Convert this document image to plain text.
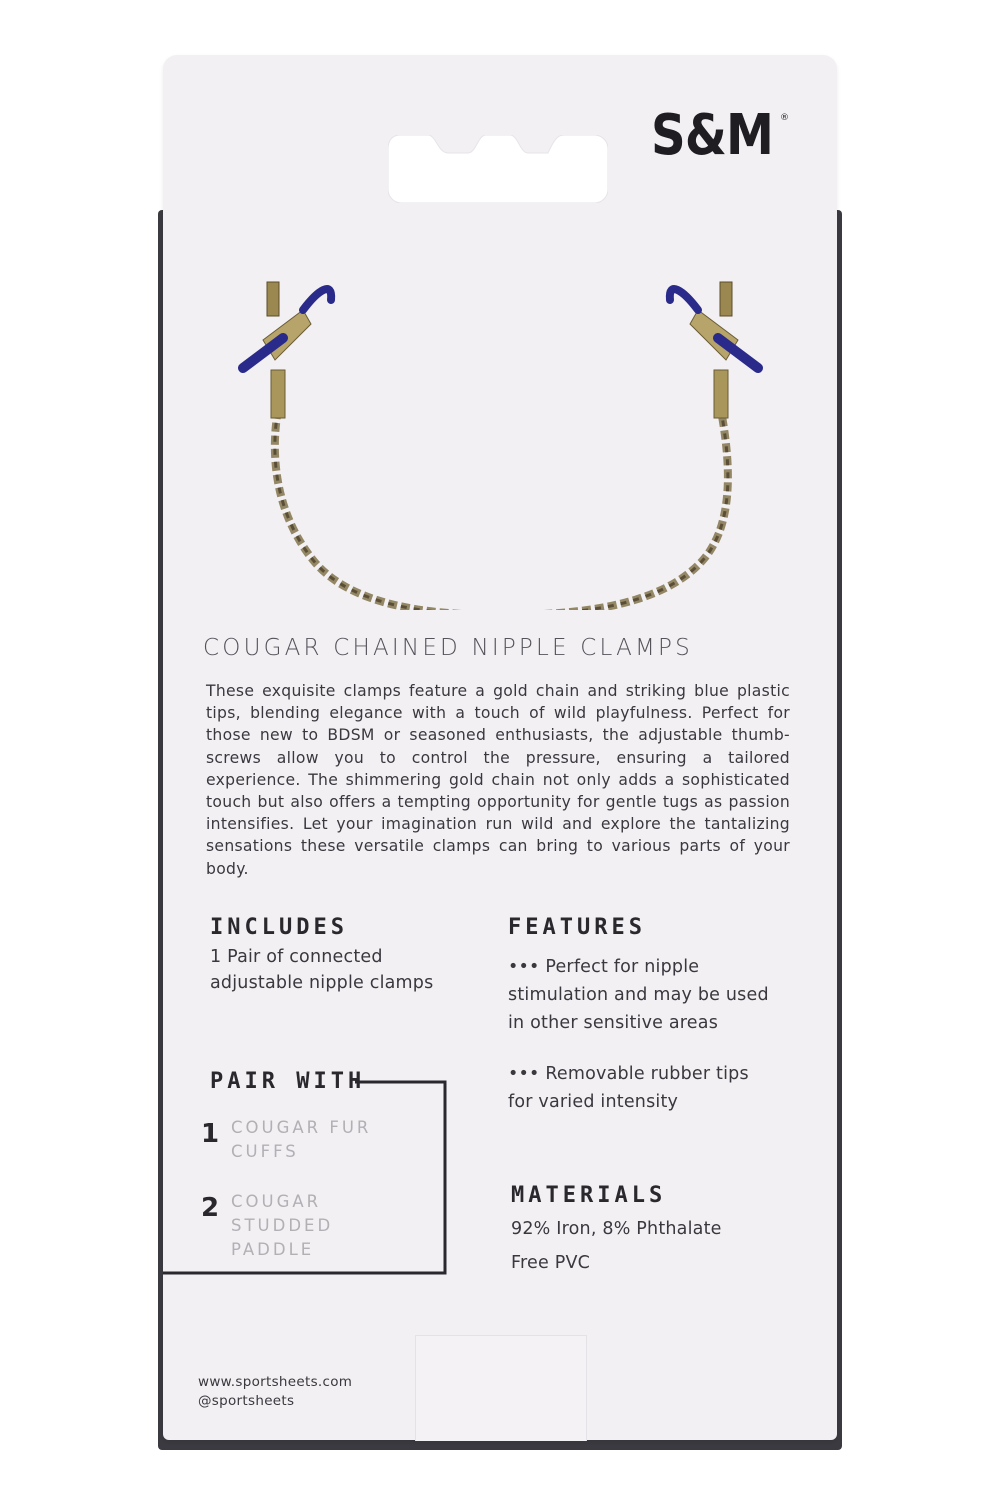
S&M ®
COUGAR CHAINED NIPPLE CLAMPS

These exquisite clamps feature a gold chain and striking blue plastic tips, blending elegance with a touch of wild playfulness. Perfect for those new to BDSM or seasoned enthusiasts, the adjustable thumb-screws allow you to control the pressure, ensuring a tailored experience. The shimmering gold chain not only adds a sophisticated touch but also offers a tempting opportunity for gentle tugs as passion intensifies. Let your imagination run wild and explore the tantalizing sensations these versatile clamps can bring to various parts of your body.

INCLUDES
1 Pair of connected
adjustable nipple clamps
FEATURES
••• Perfect for nipple
stimulation and may be used
in other sensitive areas
••• Removable rubber tips
for varied intensity
PAIR WITH
1 COUGAR FUR
CUFFS
2 COUGAR
STUDDED
PADDLE
MATERIALS
92% Iron, 8% Phthalate
Free PVC
www.sportsheets.com
@sportsheets
